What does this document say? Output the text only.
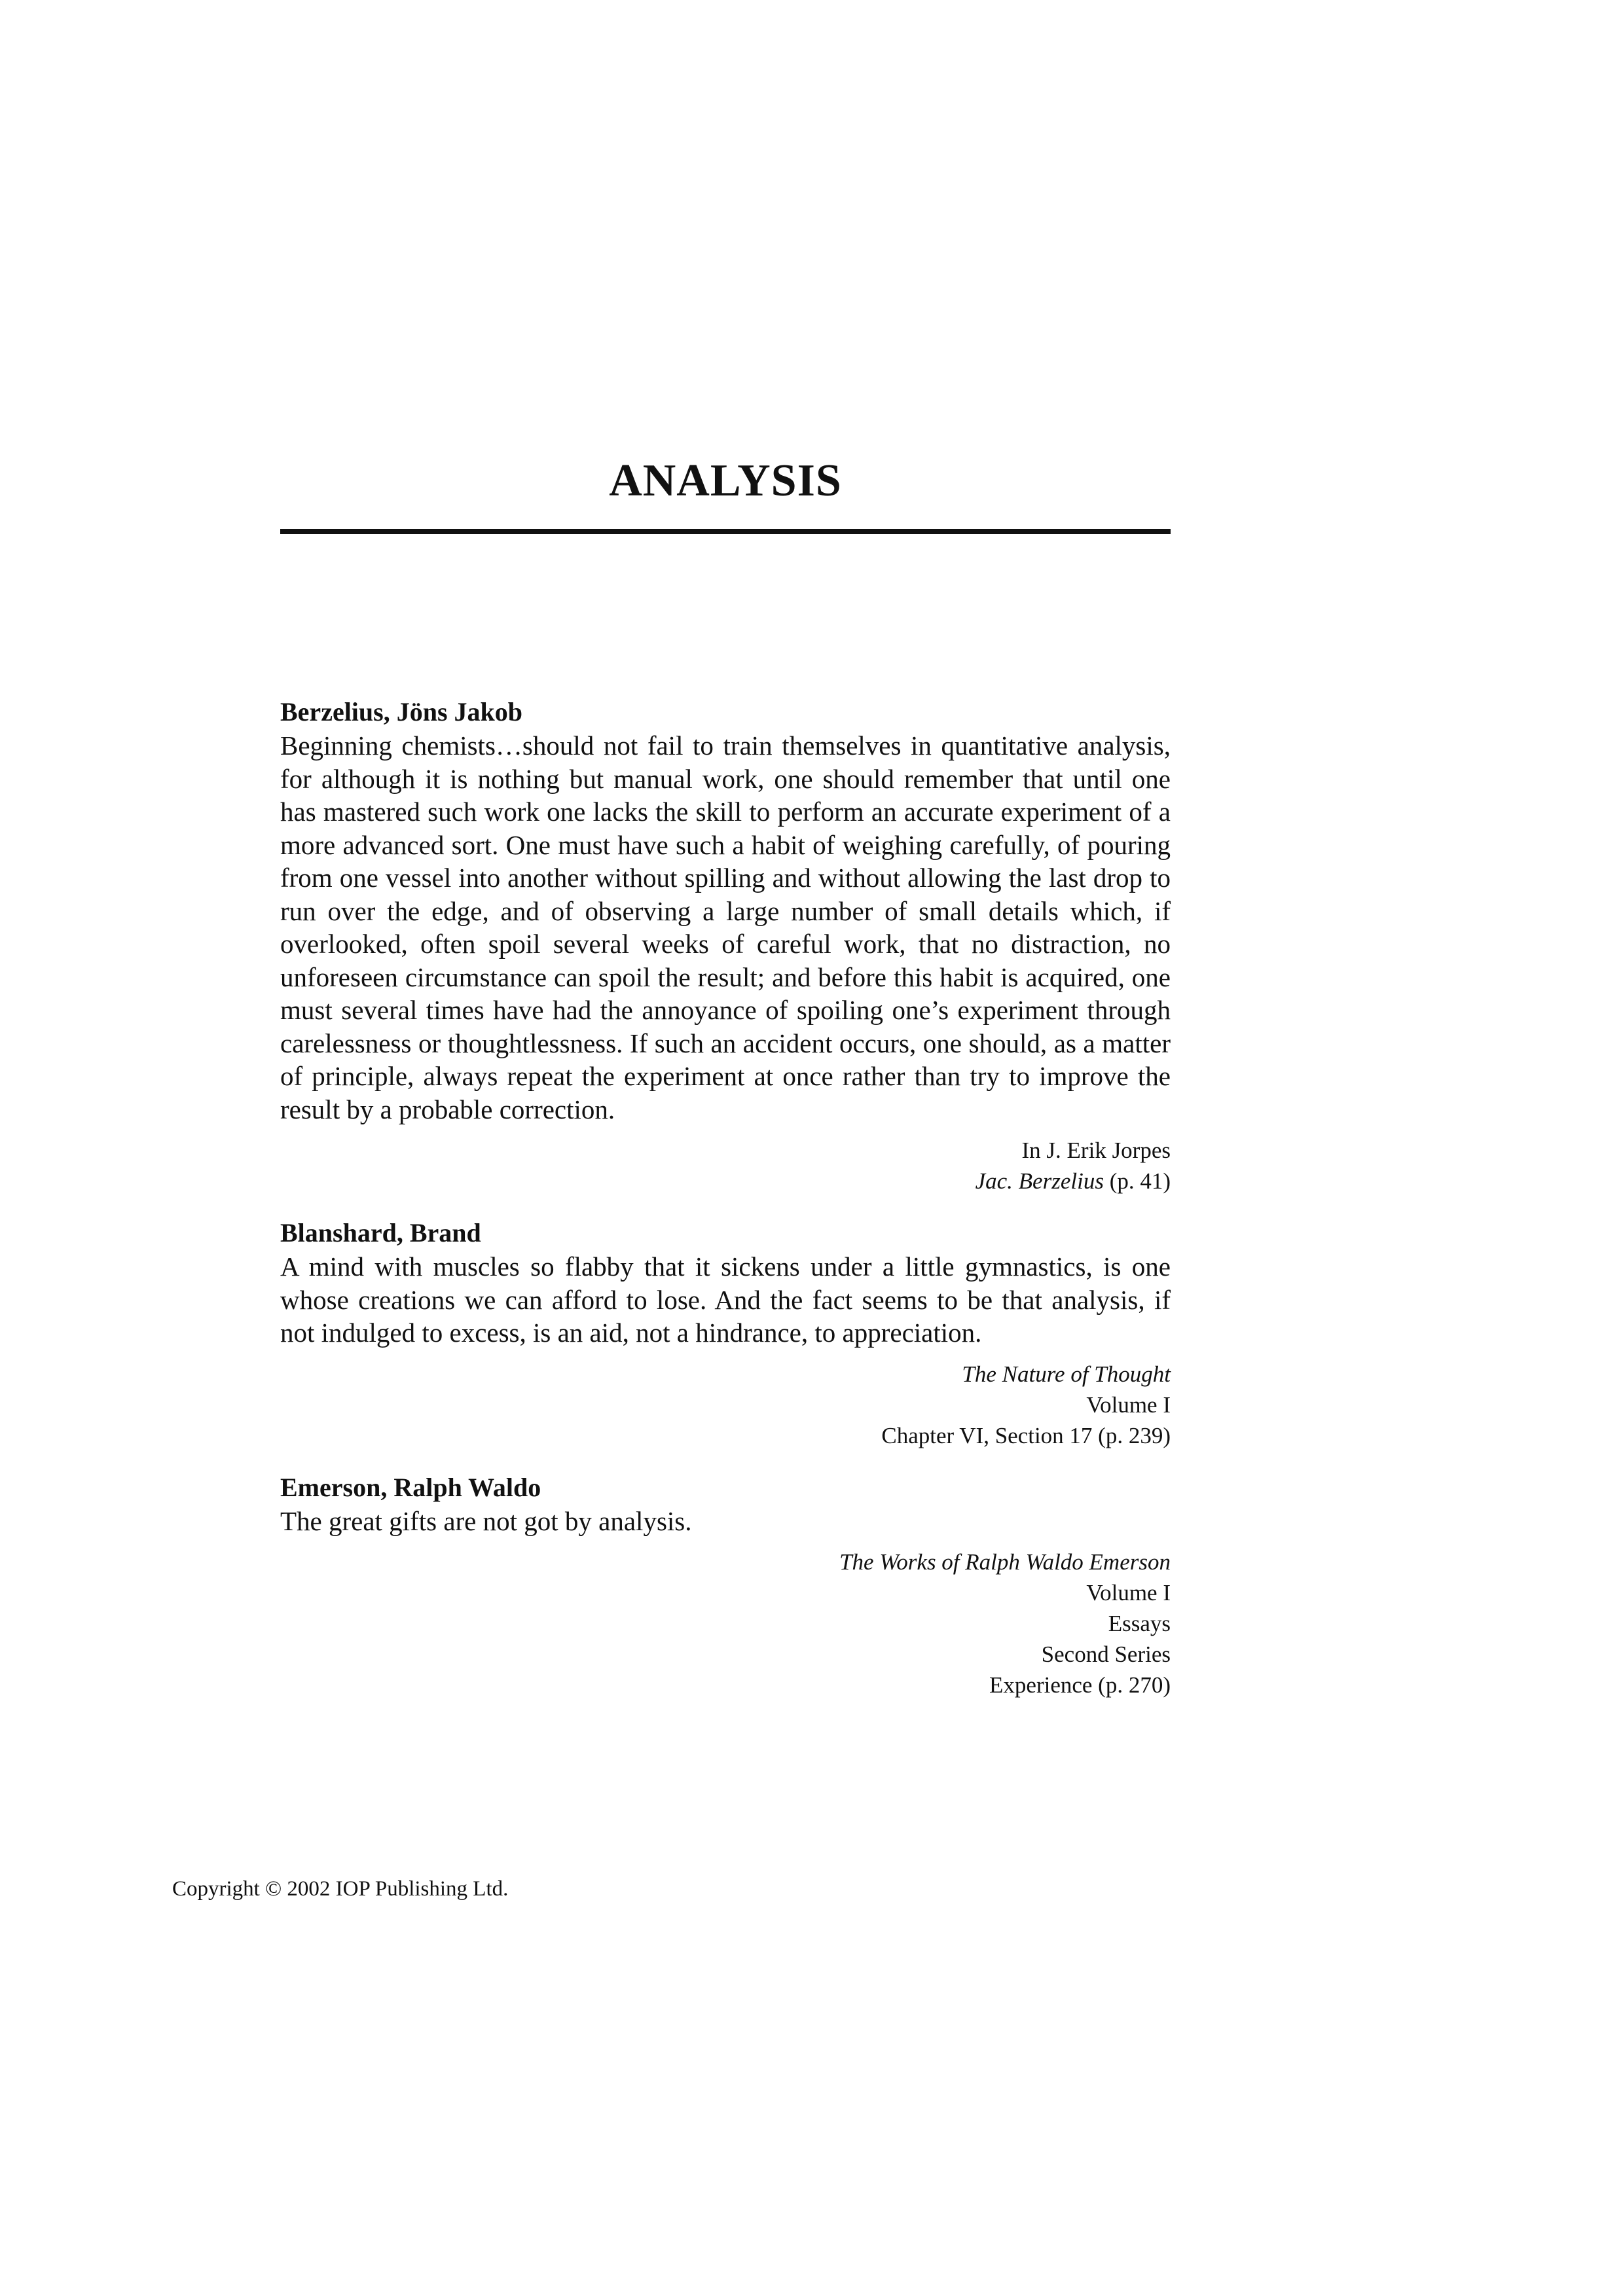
ANALYSIS
Berzelius, Jöns Jakob

Beginning chemists…should not fail to train themselves in quantitative analysis, for although it is nothing but manual work, one should remember that until one has mastered such work one lacks the skill to perform an accurate experiment of a more advanced sort. One must have such a habit of weighing carefully, of pouring from one vessel into another without spilling and without allowing the last drop to run over the edge, and of observing a large number of small details which, if overlooked, often spoil several weeks of careful work, that no distraction, no unforeseen circumstance can spoil the result; and before this habit is acquired, one must several times have had the annoyance of spoiling one’s experiment through carelessness or thoughtlessness. If such an accident occurs, one should, as a matter of principle, always repeat the experiment at once rather than try to improve the result by a probable correction.

In J. Erik Jorpes
Jac. Berzelius (p. 41)
Blanshard, Brand

A mind with muscles so flabby that it sickens under a little gymnastics, is one whose creations we can afford to lose. And the fact seems to be that analysis, if not indulged to excess, is an aid, not a hindrance, to appreciation.

The Nature of Thought
Volume I
Chapter VI, Section 17 (p. 239)
Emerson, Ralph Waldo

The great gifts are not got by analysis.

The Works of Ralph Waldo Emerson
Volume I
Essays
Second Series
Experience (p. 270)
Copyright © 2002 IOP Publishing Ltd.
